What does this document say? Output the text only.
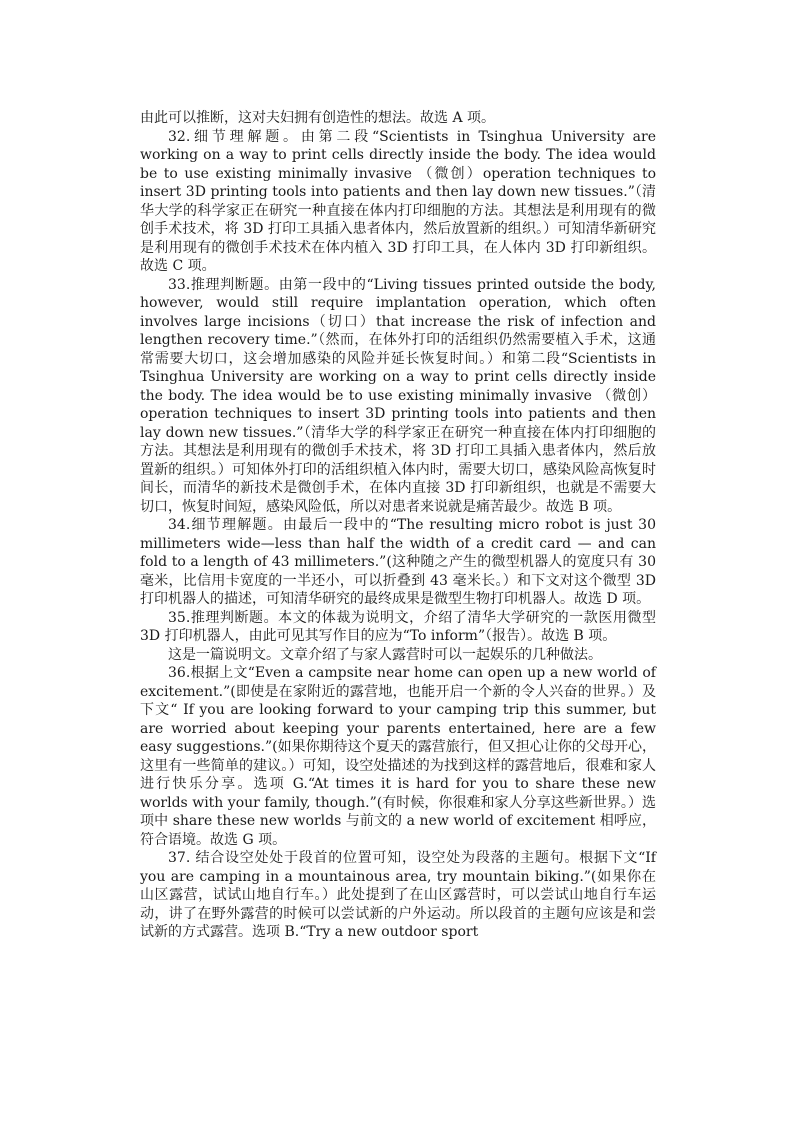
由此可以推断，这对夫妇拥有创造性的想法。故选 A 项。

32.细节理解题。由第二段“Scientists in Tsinghua University are working on a way to print cells directly inside the body. The idea would be to use existing minimally invasive （微创）operation techniques to insert 3D printing tools into patients and then lay down new tissues.”（清华大学的科学家正在研究一种直接在体内打印细胞的方法。其想法是利用现有的微创手术技术，将 3D 打印工具插入患者体内，然后放置新的组织。）可知清华新研究是利用现有的微创手术技术在体内植入 3D 打印工具，在人体内 3D 打印新组织。故选 C 项。

33.推理判断题。由第一段中的“Living tissues printed outside the body, however, would still require implantation operation, which often involves large incisions（切口）that increase the risk of infection and lengthen recovery time.”（然而，在体外打印的活组织仍然需要植入手术，这通常需要大切口，这会增加感染的风险并延长恢复时间。）和第二段“Scientists in Tsinghua University are working on a way to print cells directly inside the body. The idea would be to use existing minimally invasive （微创）operation techniques to insert 3D printing tools into patients and then lay down new tissues.”（清华大学的科学家正在研究一种直接在体内打印细胞的方法。其想法是利用现有的微创手术技术，将 3D 打印工具插入患者体内，然后放置新的组织。）可知体外打印的活组织植入体内时，需要大切口，感染风险高恢复时间长，而清华的新技术是微创手术，在体内直接 3D 打印新组织，也就是不需要大切口，恢复时间短，感染风险低，所以对患者来说就是痛苦最少。故选 B 项。

34.细节理解题。由最后一段中的“The resulting micro robot is just 30 millimeters wide—less than half the width of a credit card — and can fold to a length of 43 millimeters.”(这种随之产生的微型机器人的宽度只有 30 毫米，比信用卡宽度的一半还小，可以折叠到 43 毫米长。）和下文对这个微型 3D 打印机器人的描述，可知清华研究的最终成果是微型生物打印机器人。故选 D 项。

35.推理判断题。本文的体裁为说明文，介绍了清华大学研究的一款医用微型 3D 打印机器人，由此可见其写作目的应为“To inform”（报告）。故选 B 项。

这是一篇说明文。文章介绍了与家人露营时可以一起娱乐的几种做法。

36.根据上文“Even a campsite near home can open up a new world of excitement.”(即使是在家附近的露营地，也能开启一个新的令人兴奋的世界。）及下文“ If you are looking forward to your camping trip this summer, but are worried about keeping your parents entertained, here are a few easy suggestions.”(如果你期待这个夏天的露营旅行，但又担心让你的父母开心，这里有一些简单的建议。）可知，设空处描述的为找到这样的露营地后，很难和家人进行快乐分享。选项 G.“At times it is hard for you to share these new worlds with your family, though.”(有时候，你很难和家人分享这些新世界。）选项中 share these new worlds 与前文的 a new world of excitement 相呼应，符合语境。故选 G 项。

37. 结合设空处处于段首的位置可知，设空处为段落的主题句。根据下文“If you are camping in a mountainous area, try mountain biking.”(如果你在山区露营，试试山地自行车。）此处提到了在山区露营时，可以尝试山地自行车运动，讲了在野外露营的时候可以尝试新的户外运动。所以段首的主题句应该是和尝试新的方式露营。选项 B.“Try a new outdoor sport
